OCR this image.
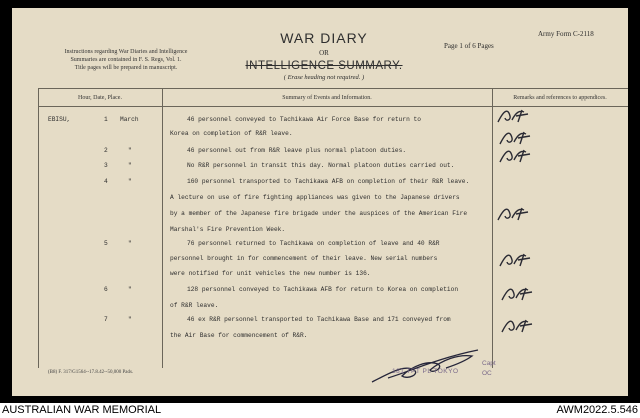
Instructions regarding War Diaries and Intelligence
Summaries are contained in F. S. Regs, Vol. 1.
Title pages will be prepared in manuscript.
WAR DIARY
OR
INTELLIGENCE SUMMARY.
( Erase heading not required. )
Page 1 of 6 Pages
Army Form C-2118
Hour, Date, Place.	Summary of Events and Information.	Remarks and references to appendices.
EBISU,	1 March	46 personnel conveyed to Tachikawa Air Force Base for return to
Korea on completion of R&R leave.
2	"	46 personnel out from R&R leave plus normal platoon duties.
3	"	No R&R personnel in transit this day. Normal platoon duties carried out.
4	"	160 personnel transported to Tachikawa AFB on completion of their R&R leave.
A lecture on use of fire fighting appliances was given to the Japanese drivers
by a member of the Japanese fire brigade under the auspices of the American Fire
Marshal's Fire Prevention Week.
5	"	76 personnel returned to Tachikawa on completion of leave and 40 R&R
personnel brought in for commencement of their leave. New serial numbers
were notified for unit vehicles the new number is 136.
6	"	128 personnel conveyed to Tachikawa AFB for return to Korea on completion
of R&R leave.
7	"	46 ex R&R personnel transported to Tachikawa Base and 171 conveyed from
the Air Base for commencement of R&R.
(B8) F. 317/G1564--17.8.42--50,000 Pads.	181 TPT PL TOKYO
Capt
OC
AUSTRALIAN WAR MEMORIAL	AWM2022.5.546
